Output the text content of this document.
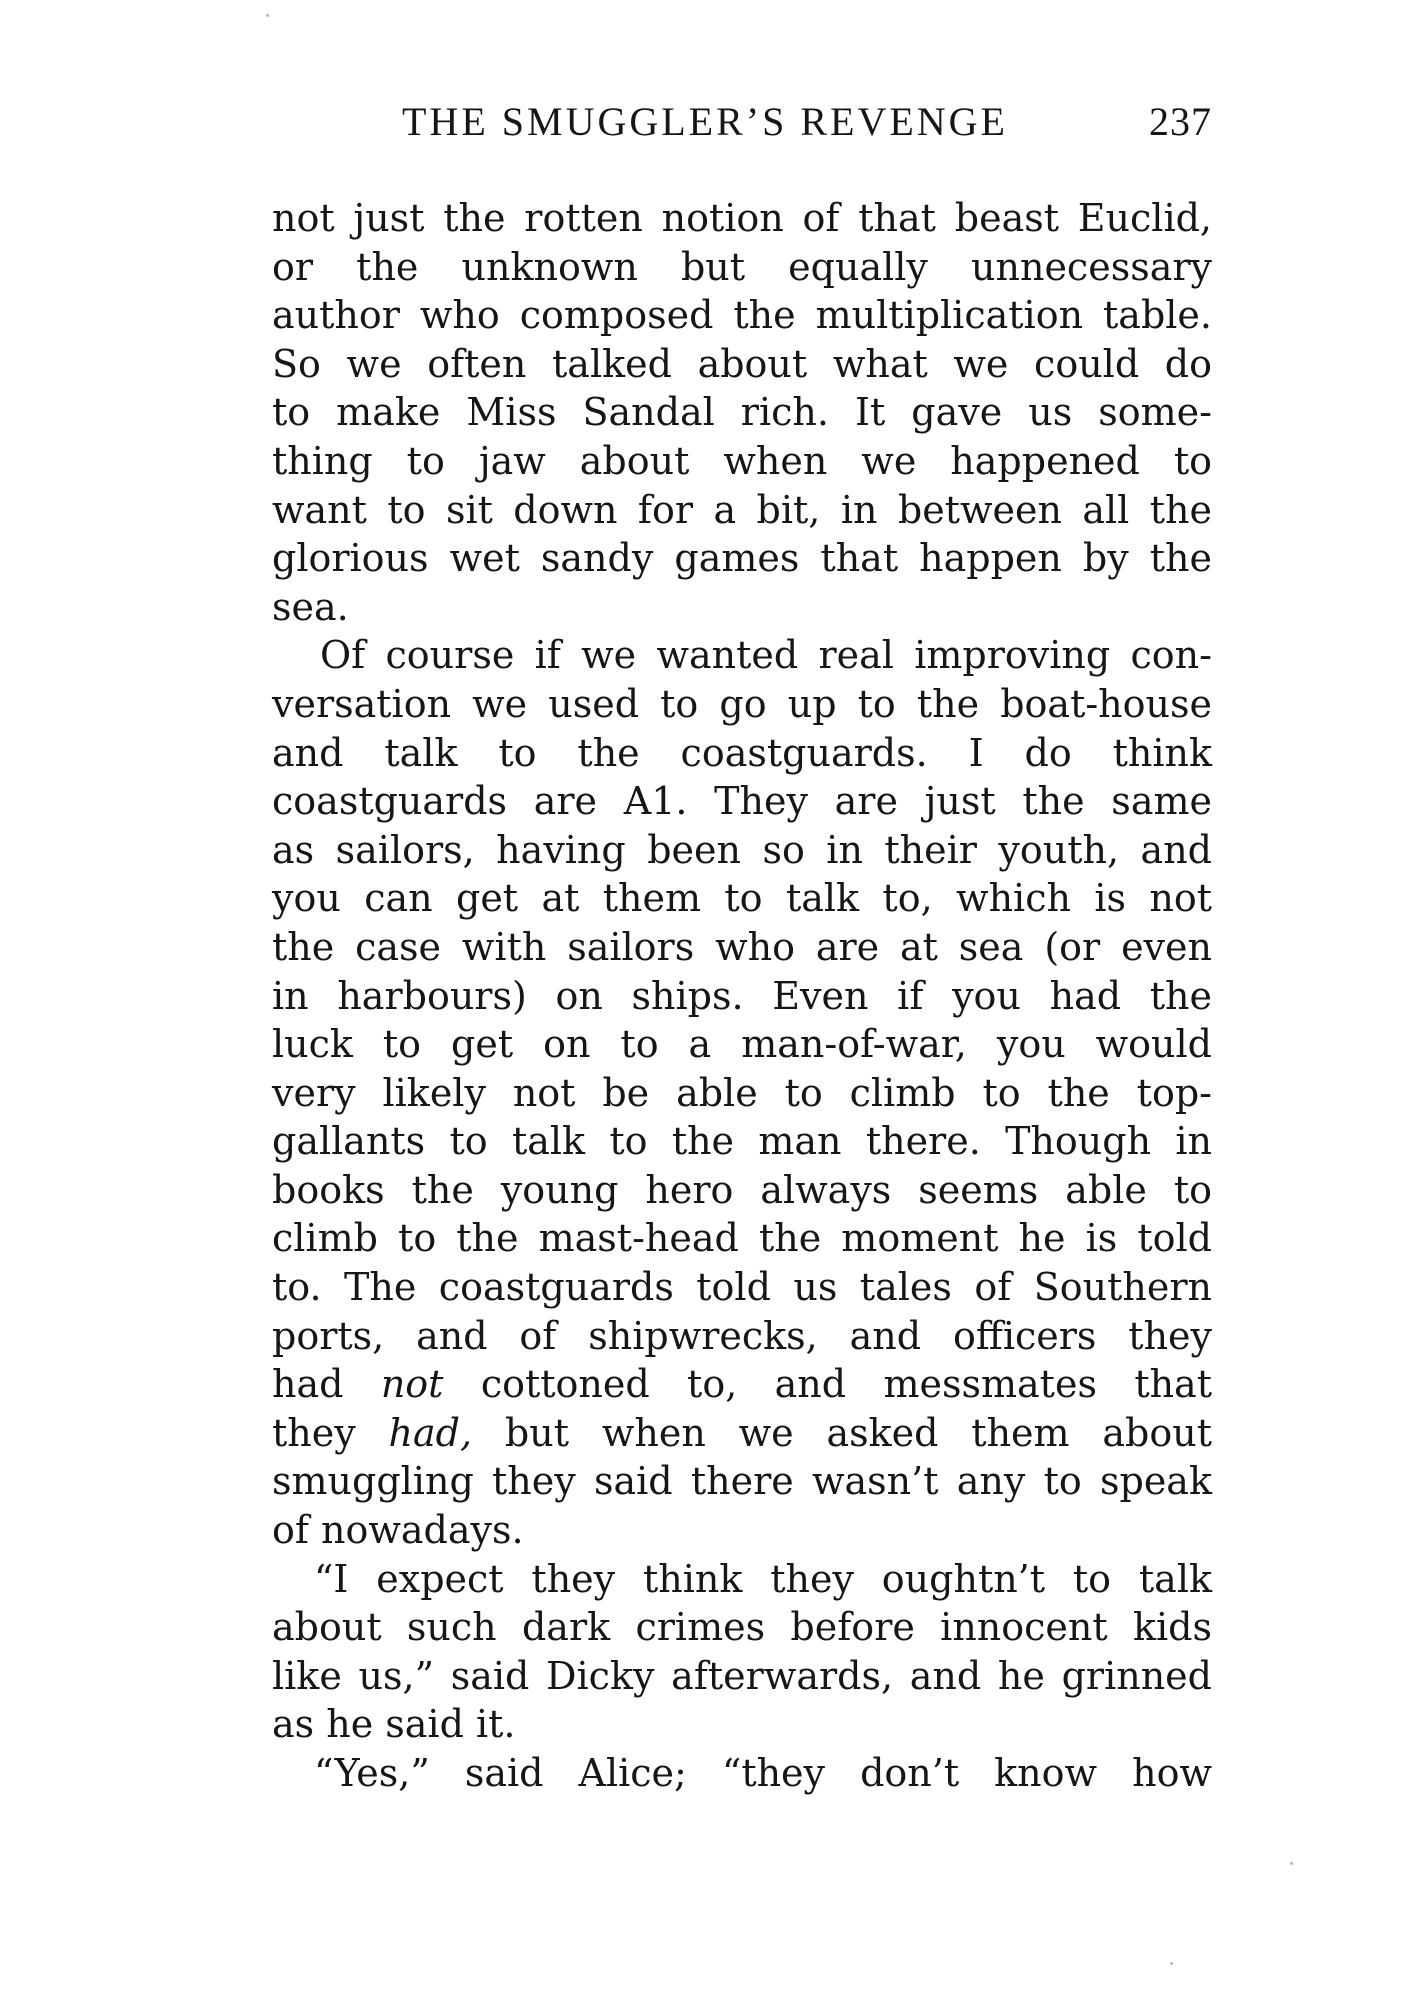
THE SMUGGLER’S REVENGE	237
not just the rotten notion of that beast Euclid,
or the unknown but equally unnecessary
author who composed the multiplication table.
So we often talked about what we could do
to make Miss Sandal rich. It gave us some-
thing to jaw about when we happened to
want to sit down for a bit, in between all the
glorious wet sandy games that happen by the
sea.
Of course if we wanted real improving con-
versation we used to go up to the boat-house
and talk to the coastguards. I do think
coastguards are A1. They are just the same
as sailors, having been so in their youth, and
you can get at them to talk to, which is not
the case with sailors who are at sea (or even
in harbours) on ships. Even if you had the
luck to get on to a man-of-war, you would
very likely not be able to climb to the top-
gallants to talk to the man there. Though in
books the young hero always seems able to
climb to the mast-head the moment he is told
to. The coastguards told us tales of Southern
ports, and of shipwrecks, and officers they
had not cottoned to, and messmates that
they had, but when we asked them about
smuggling they said there wasn’t any to speak
of nowadays.
“I expect they think they oughtn’t to talk
about such dark crimes before innocent kids
like us,” said Dicky afterwards, and he grinned
as he said it.
“Yes,” said Alice; “they don’t know how
